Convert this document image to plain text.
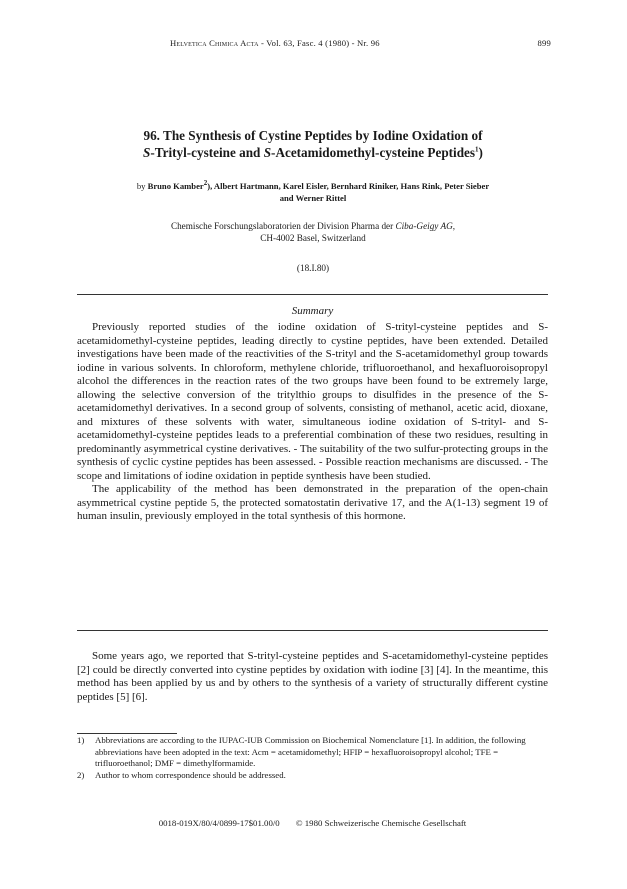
Helvetica Chimica Acta - Vol. 63, Fasc. 4 (1980) - Nr. 96	899
96. The Synthesis of Cystine Peptides by Iodine Oxidation of
S-Trityl-cysteine and S-Acetamidomethyl-cysteine Peptides$^1$)
by Bruno Kamber$^2$), Albert Hartmann, Karel Eisler, Bernhard Riniker, Hans Rink, Peter Sieber
and Werner Rittel
Chemische Forschungslaboratorien der Division Pharma der Ciba-Geigy AG,
CH-4002 Basel, Switzerland
(18.I.80)
Summary

Previously reported studies of the iodine oxidation of S-trityl-cysteine peptides and S-acetamidomethyl-cysteine peptides, leading directly to cystine peptides, have been extended. Detailed investigations have been made of the reactivities of the S-trityl and the S-acetamidomethyl group towards iodine in various solvents. In chloroform, methylene chloride, trifluoroethanol, and hexafluoroisopropyl alcohol the differences in the reaction rates of the two groups have been found to be extremely large, allowing the selective conversion of the tritylthio groups to disulfides in the presence of the S-acetamidomethyl derivatives. In a second group of solvents, consisting of methanol, acetic acid, dioxane, and mixtures of these solvents with water, simultaneous iodine oxidation of S-trityl- and S-acetamidomethyl-cysteine peptides leads to a preferential combination of these two residues, resulting in predominantly asymmetrical cystine derivatives. - The suitability of the two sulfur-protecting groups in the synthesis of cyclic cystine peptides has been assessed. - Possible reaction mechanisms are discussed. - The scope and limitations of iodine oxidation in peptide synthesis have been studied.

The applicability of the method has been demonstrated in the preparation of the open-chain asymmetrical cystine peptide 5, the protected somatostatin derivative 17, and the A(1-13) segment 19 of human insulin, previously employed in the total synthesis of this hormone.

Some years ago, we reported that S-trityl-cysteine peptides and S-acetamidomethyl-cysteine peptides [2] could be directly converted into cystine peptides by oxidation with iodine [3] [4]. In the meantime, this method has been applied by us and by others to the synthesis of a variety of structurally different cystine peptides [5] [6].

1) Abbreviations are according to the IUPAC-IUB Commission on Biochemical Nomenclature [1]. In addition, the following abbreviations have been adopted in the text: Acm = acetamidomethyl; HFIP = hexafluoroisopropyl alcohol; TFE = trifluoroethanol; DMF = dimethylformamide.
2) Author to whom correspondence should be addressed.
0018-019X/80/4/0899-17$01.00/0 © 1980 Schweizerische Chemische Gesellschaft
